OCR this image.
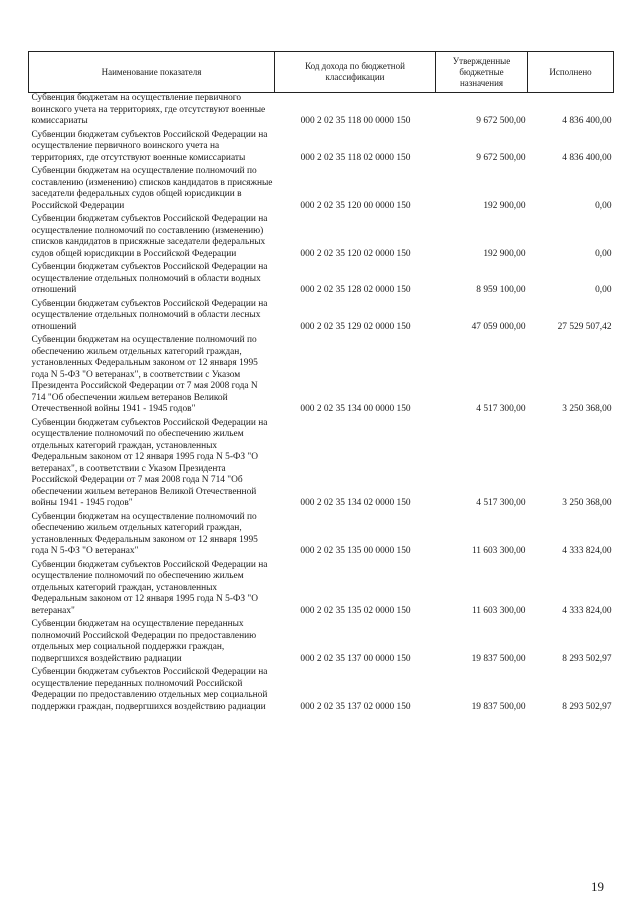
Наименование показателя	Код дохода по бюджетной классификации	Утвержденные бюджетные назначения	Исполнено
Субвенция бюджетам на осуществление первичного воинского учета на территориях, где отсутствуют военные комиссариаты	000 2 02 35 118 00 0000 150	9 672 500,00	4 836 400,00
Субвенции бюджетам субъектов Российской Федерации на осуществление первичного воинского учета на территориях, где отсутствуют военные комиссариаты	000 2 02 35 118 02 0000 150	9 672 500,00	4 836 400,00
Субвенции бюджетам на осуществление полномочий по составлению (изменению) списков кандидатов в присяжные заседатели федеральных судов общей юрисдикции в Российской Федерации	000 2 02 35 120 00 0000 150	192 900,00	0,00
Субвенции бюджетам субъектов Российской Федерации на осуществление полномочий по составлению (изменению) списков кандидатов в присяжные заседатели федеральных судов общей юрисдикции в Российской Федерации	000 2 02 35 120 02 0000 150	192 900,00	0,00
Субвенции бюджетам субъектов Российской Федерации на осуществление отдельных полномочий в области водных отношений	000 2 02 35 128 02 0000 150	8 959 100,00	0,00
Субвенции бюджетам субъектов Российской Федерации на осуществление отдельных полномочий в области лесных отношений	000 2 02 35 129 02 0000 150	47 059 000,00	27 529 507,42
Субвенции бюджетам на осуществление полномочий по обеспечению жильем отдельных категорий граждан, установленных Федеральным законом от 12 января 1995 года N 5-ФЗ "О ветеранах", в соответствии с Указом Президента Российской Федерации от 7 мая 2008 года N 714 "Об обеспечении жильем ветеранов Великой Отечественной войны 1941 - 1945 годов"	000 2 02 35 134 00 0000 150	4 517 300,00	3 250 368,00
Субвенции бюджетам субъектов Российской Федерации на осуществление полномочий по обеспечению жильем отдельных категорий граждан, установленных Федеральным законом от 12 января 1995 года N 5-ФЗ "О ветеранах", в соответствии с Указом Президента Российской Федерации от 7 мая 2008 года N 714 "Об обеспечении жильем ветеранов Великой Отечественной войны 1941 - 1945 годов"	000 2 02 35 134 02 0000 150	4 517 300,00	3 250 368,00
Субвенции бюджетам на осуществление полномочий по обеспечению жильем отдельных категорий граждан, установленных Федеральным законом от 12 января 1995 года N 5-ФЗ "О ветеранах"	000 2 02 35 135 00 0000 150	11 603 300,00	4 333 824,00
Субвенции бюджетам субъектов Российской Федерации на осуществление полномочий по обеспечению жильем отдельных категорий граждан, установленных Федеральным законом от 12 января 1995 года N 5-ФЗ "О ветеранах"	000 2 02 35 135 02 0000 150	11 603 300,00	4 333 824,00
Субвенции бюджетам на осуществление переданных полномочий Российской Федерации по предоставлению отдельных мер социальной поддержки граждан, подвергшихся воздействию радиации	000 2 02 35 137 00 0000 150	19 837 500,00	8 293 502,97
Субвенции бюджетам субъектов Российской Федерации на осуществление переданных полномочий Российской Федерации по предоставлению отдельных мер социальной поддержки граждан, подвергшихся воздействию радиации	000 2 02 35 137 02 0000 150	19 837 500,00	8 293 502,97
19
